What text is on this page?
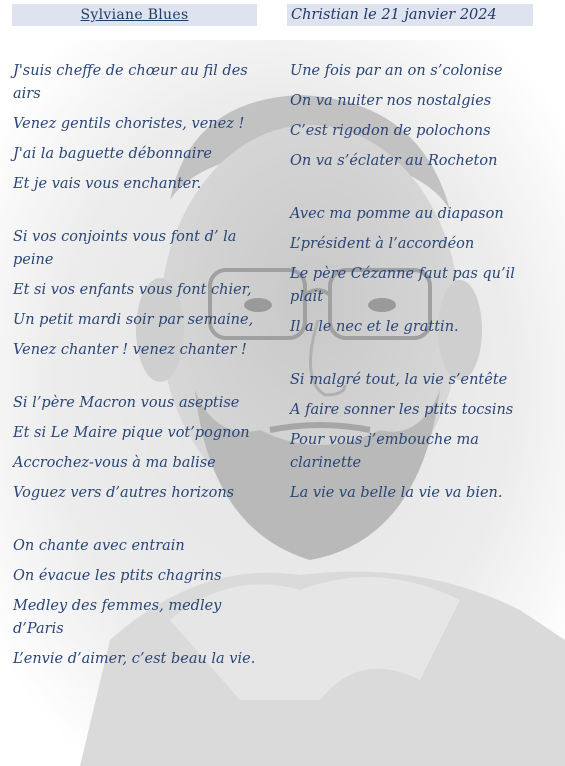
Sylviane Blues	Christian le 21 janvier 2024
J'suis cheffe de chœur au fil des airs
Venez gentils choristes, venez !
J'ai la baguette débonnaire
Et je vais vous enchanter.
Si vos conjoints vous font d’ la peine
Et si vos enfants vous font chier,
Un petit mardi soir par semaine,
Venez chanter ! venez chanter !
Si l’père Macron vous aseptise
Et si Le Maire pique vot’pognon
Accrochez-vous à ma balise
Voguez vers d’autres horizons
On chante avec entrain
On évacue les ptits chagrins
Medley des femmes, medley d’Paris
L’envie d’aimer, c’est beau la vie.
Une fois par an on s’colonise
On va nuiter nos nostalgies
C’est rigodon de polochons
On va s’éclater au Rocheton
Avec ma pomme au diapason
L’président à l’accordéon
Le père Cézanne faut pas qu’il plait
Il a le nec et le grattin.
Si malgré tout, la vie s’entête
A faire sonner les ptits tocsins
Pour vous j’embouche ma clarinette
La vie va belle la vie va bien.
